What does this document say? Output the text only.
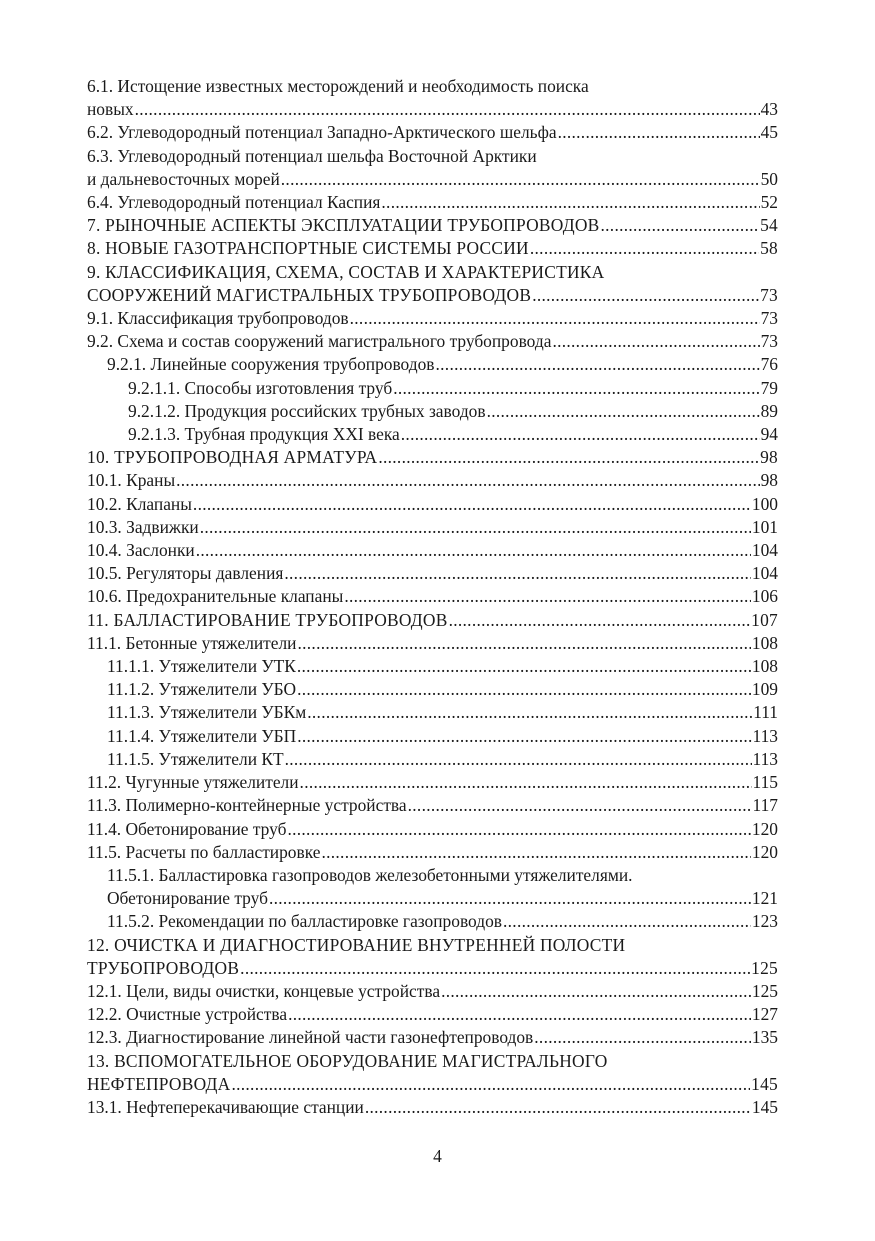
6.1. Истощение известных месторождений и необходимость поиска
новых .....	43
6.2. Углеводородный потенциал Западно-Арктического шельфа .....	45
6.3. Углеводородный потенциал шельфа Восточной Арктики
и дальневосточных морей .....	50
6.4. Углеводородный потенциал Каспия .....	52
7. РЫНОЧНЫЕ АСПЕКТЫ ЭКСПЛУАТАЦИИ ТРУБОПРОВОДОВ .....	54
8. НОВЫЕ ГАЗОТРАНСПОРТНЫЕ СИСТЕМЫ РОССИИ .....	58
9. КЛАССИФИКАЦИЯ, СХЕМА, СОСТАВ И ХАРАКТЕРИСТИКА
СООРУЖЕНИЙ МАГИСТРАЛЬНЫХ ТРУБОПРОВОДОВ .....	73
9.1. Классификация трубопроводов .....	73
9.2. Схема и состав сооружений магистрального трубопровода .....	73
9.2.1. Линейные сооружения трубопроводов .....	76
9.2.1.1. Способы изготовления труб .....	79
9.2.1.2. Продукция российских трубных заводов .....	89
9.2.1.3. Трубная продукция XXI века .....	94
10. ТРУБОПРОВОДНАЯ АРМАТУРА .....	98
10.1. Краны .....	98
10.2. Клапаны .....	100
10.3. Задвижки .....	101
10.4. Заслонки .....	104
10.5. Регуляторы давления .....	104
10.6. Предохранительные клапаны .....	106
11. БАЛЛАСТИРОВАНИЕ ТРУБОПРОВОДОВ .....	107
11.1. Бетонные утяжелители .....	108
11.1.1. Утяжелители УТК .....	108
11.1.2. Утяжелители УБО .....	109
11.1.3. Утяжелители УБКм .....	111
11.1.4. Утяжелители УБП .....	113
11.1.5. Утяжелители КТ .....	113
11.2. Чугунные утяжелители .....	115
11.3. Полимерно-контейнерные устройства .....	117
11.4. Обетонирование труб .....	120
11.5. Расчеты по балластировке .....	120
11.5.1. Балластировка газопроводов железобетонными утяжелителями.
Обетонирование труб .....	121
11.5.2. Рекомендации по балластировке газопроводов .....	123
12. ОЧИСТКА И ДИАГНОСТИРОВАНИЕ ВНУТРЕННЕЙ ПОЛОСТИ
ТРУБОПРОВОДОВ .....	125
12.1. Цели, виды очистки, концевые устройства .....	125
12.2. Очистные устройства .....	127
12.3. Диагностирование линейной части газонефтепроводов .....	135
13. ВСПОМОГАТЕЛЬНОЕ ОБОРУДОВАНИЕ МАГИСТРАЛЬНОГО
НЕФТЕПРОВОДА .....	145
13.1. Нефтеперекачивающие станции .....	145
4
